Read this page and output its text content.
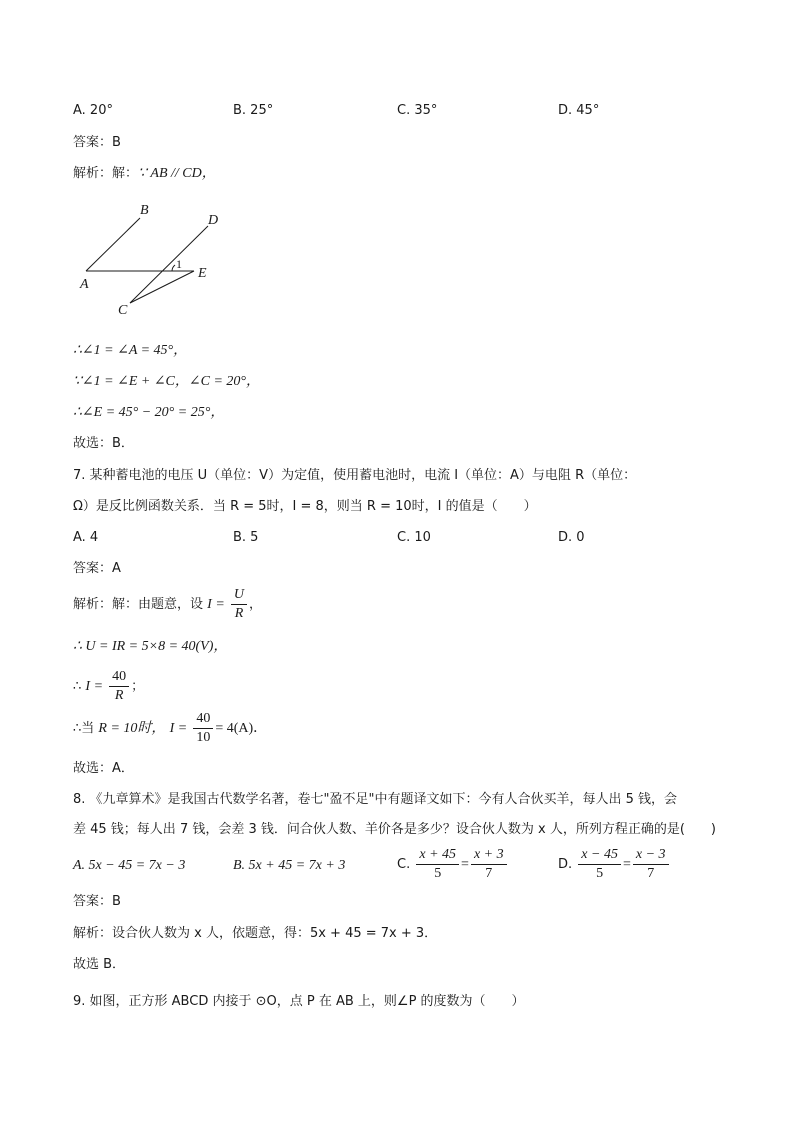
A. 20°	B. 25°	C. 35°	D. 45°
答案：B
解析：解：∵ AB // CD，
B
D
A
E
C
1
∴∠1 = ∠A = 45°，
∵∠1 = ∠E + ∠C，∠C = 20°，
∴∠E = 45° − 20° = 25°，
故选：B．
7. 某种蓄电池的电压 U（单位：V）为定值，使用蓄电池时，电流 I（单位：A）与电阻 R（单位：
Ω）是反比例函数关系．当 R = 5时，I = 8，则当 R = 10时，I 的值是（　　）
A. 4	B. 5	C. 10	D. 0
答案：A
解析：解：由题意，设 $I = \frac{U}{R}$ ，
∴ U = IR = 5×8 = 40(V)，
∴ $I = \frac{40}{R}$ ；
∴当 R = 10时， $I = \frac{40}{10} = 4(A)$．
故选：A．
8. 《九章算术》是我国古代数学名著，卷七"盈不足"中有题译文如下：今有人合伙买羊，每人出 5 钱，会
差 45 钱；每人出 7 钱，会差 3 钱．问合伙人数、羊价各是多少？设合伙人数为 x 人，所列方程正确的是(　　)
A. 5x − 45 = 7x − 3	B. 5x + 45 = 7x + 3	C. $\frac{x + 45}{5} = \frac{x + 3}{7}$	D. $\frac{x - 45}{5} = \frac{x - 3}{7}$
答案：B
解析：设合伙人数为 x 人，依题意，得：5x + 45 = 7x + 3．
故选 B．
9. 如图，正方形 ABCD 内接于 ⊙O，点 P 在 AB 上，则∠P 的度数为（　　）
